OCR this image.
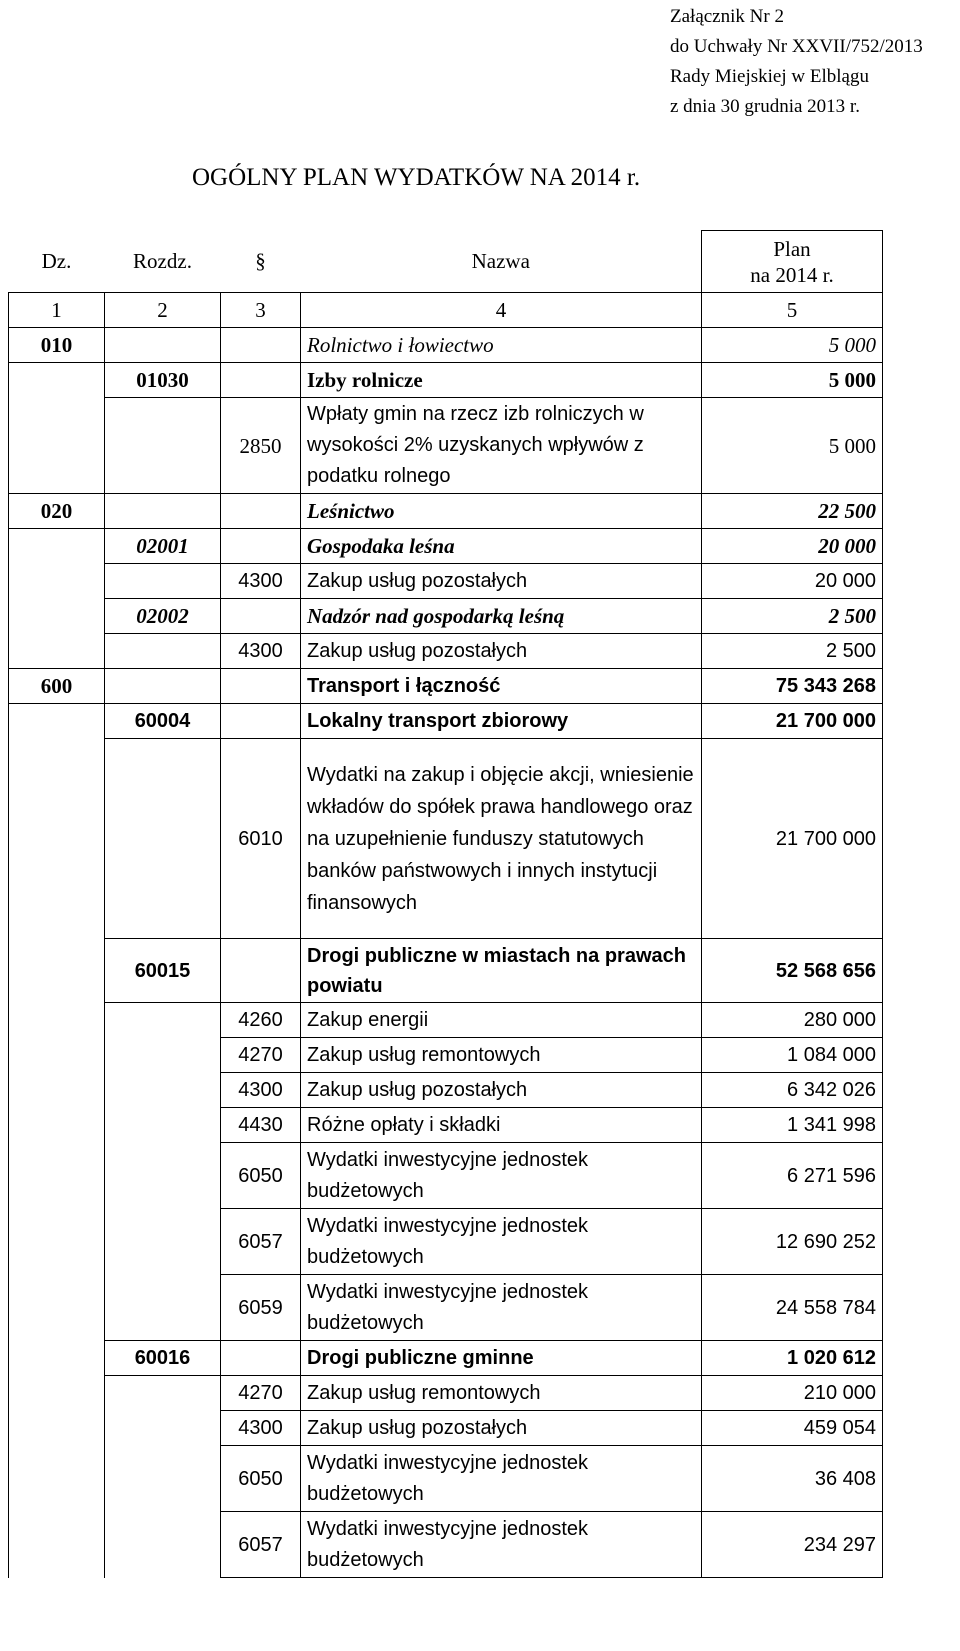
Załącznik Nr 2
do Uchwały Nr XXVII/752/2013
Rady Miejskiej w Elblągu
z dnia 30 grudnia 2013 r.
OGÓLNY PLAN WYDATKÓW NA 2014 r.
Dz.	Rozdz.	§	Nazwa	Plan
na 2014 r.

1	2	3	4	5
010			Rolnictwo i łowiectwo	5 000
	01030		Izby rolnicze	5 000
		2850	Wpłaty gmin na rzecz izb rolniczych w wysokości 2% uzyskanych wpływów z podatku rolnego	5 000
020			Leśnictwo	22 500
	02001		Gospodaka leśna	20 000
		4300	Zakup usług pozostałych	20 000
	02002		Nadzór nad gospodarką leśną	2 500
		4300	Zakup usług pozostałych	2 500
600			Transport i łączność	75 343 268
	60004		Lokalny transport zbiorowy	21 700 000
		6010	Wydatki na zakup i objęcie akcji, wniesienie wkładów do spółek prawa handlowego oraz na uzupełnienie funduszy statutowych banków państwowych i innych instytucji finansowych	21 700 000
	60015		Drogi publiczne w miastach na prawach powiatu	52 568 656
		4260	Zakup energii	280 000
		4270	Zakup usług remontowych	1 084 000
		4300	Zakup usług pozostałych	6 342 026
		4430	Różne opłaty i składki	1 341 998
		6050	Wydatki inwestycyjne jednostek budżetowych	6 271 596
		6057	Wydatki inwestycyjne jednostek budżetowych	12 690 252
		6059	Wydatki inwestycyjne jednostek budżetowych	24 558 784
	60016		Drogi publiczne gminne	1 020 612
		4270	Zakup usług remontowych	210 000
		4300	Zakup usług pozostałych	459 054
		6050	Wydatki inwestycyjne jednostek budżetowych	36 408
		6057	Wydatki inwestycyjne jednostek budżetowych	234 297
